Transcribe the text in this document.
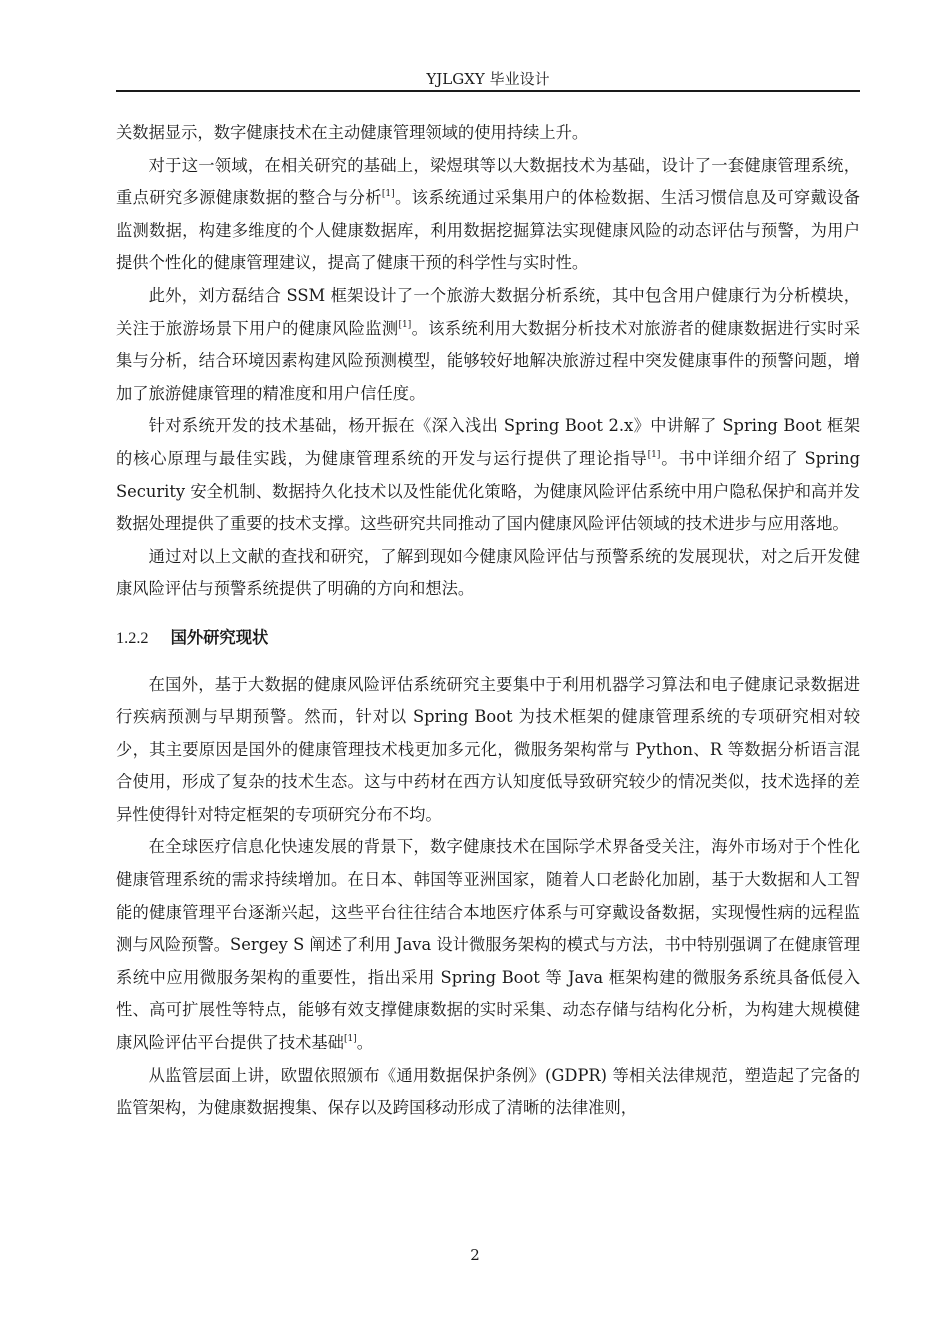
YJLGXY 毕业设计

关数据显示，数字健康技术在主动健康管理领域的使用持续上升。

对于这一领域，在相关研究的基础上，梁煜琪等以大数据技术为基础，设计了一套健康管理系统，重点研究多源健康数据的整合与分析[1]。该系统通过采集用户的体检数据、生活习惯信息及可穿戴设备监测数据，构建多维度的个人健康数据库，利用数据挖掘算法实现健康风险的动态评估与预警，为用户提供个性化的健康管理建议，提高了健康干预的科学性与实时性。

此外，刘方磊结合 SSM 框架设计了一个旅游大数据分析系统，其中包含用户健康行为分析模块，关注于旅游场景下用户的健康风险监测[1]。该系统利用大数据分析技术对旅游者的健康数据进行实时采集与分析，结合环境因素构建风险预测模型，能够较好地解决旅游过程中突发健康事件的预警问题，增加了旅游健康管理的精准度和用户信任度。

针对系统开发的技术基础，杨开振在《深入浅出 Spring Boot 2.x》中讲解了 Spring Boot 框架的核心原理与最佳实践，为健康管理系统的开发与运行提供了理论指导[1]。书中详细介绍了 Spring Security 安全机制、数据持久化技术以及性能优化策略，为健康风险评估系统中用户隐私保护和高并发数据处理提供了重要的技术支撑。这些研究共同推动了国内健康风险评估领域的技术进步与应用落地。

通过对以上文献的查找和研究，了解到现如今健康风险评估与预警系统的发展现状，对之后开发健康风险评估与预警系统提供了明确的方向和想法。

1.2.2 国外研究现状

在国外，基于大数据的健康风险评估系统研究主要集中于利用机器学习算法和电子健康记录数据进行疾病预测与早期预警。然而，针对以 Spring Boot 为技术框架的健康管理系统的专项研究相对较少，其主要原因是国外的健康管理技术栈更加多元化，微服务架构常与 Python、R 等数据分析语言混合使用，形成了复杂的技术生态。这与中药材在西方认知度低导致研究较少的情况类似，技术选择的差异性使得针对特定框架的专项研究分布不均。

在全球医疗信息化快速发展的背景下，数字健康技术在国际学术界备受关注，海外市场对于个性化健康管理系统的需求持续增加。在日本、韩国等亚洲国家，随着人口老龄化加剧，基于大数据和人工智能的健康管理平台逐渐兴起，这些平台往往结合本地医疗体系与可穿戴设备数据，实现慢性病的远程监测与风险预警。Sergey S 阐述了利用 Java 设计微服务架构的模式与方法，书中特别强调了在健康管理系统中应用微服务架构的重要性，指出采用 Spring Boot 等 Java 框架构建的微服务系统具备低侵入性、高可扩展性等特点，能够有效支撑健康数据的实时采集、动态存储与结构化分析，为构建大规模健康风险评估平台提供了技术基础[1]。

从监管层面上讲，欧盟依照颁布《通用数据保护条例》(GDPR) 等相关法律规范，塑造起了完备的监管架构，为健康数据搜集、保存以及跨国移动形成了清晰的法律准则，

2
